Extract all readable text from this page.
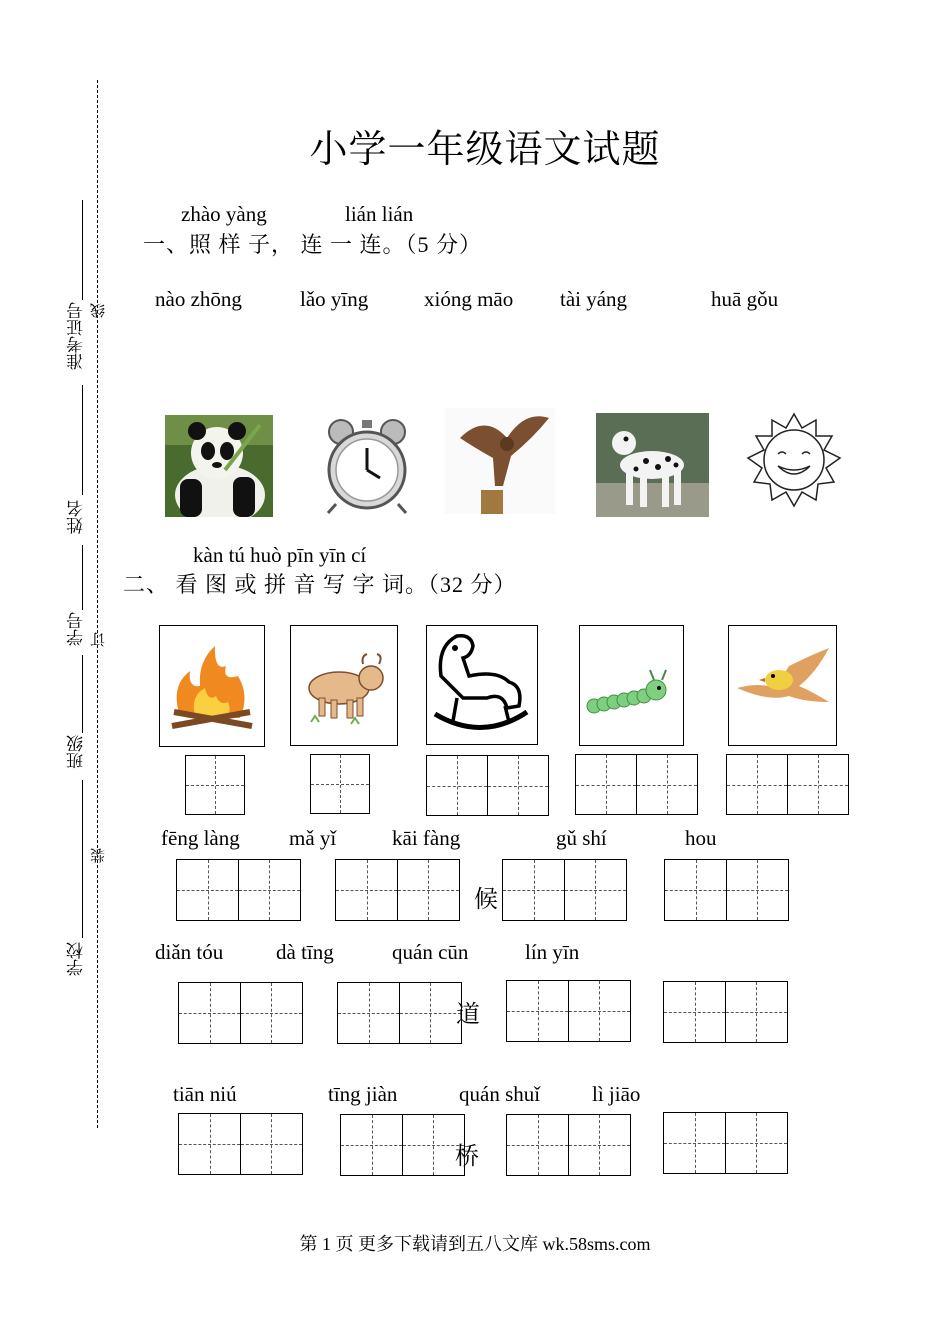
准考证号
姓名
学号
班级
学校
线
订
装
小学一年级语文试题
zhào yàng	lián lián
一、照 样 子， 连 一 连。（5 分）
nào zhōng	lǎo yīng	xióng māo tài yáng	huā gǒu
kàn tú huò pīn yīn cí
二、 看 图 或 拼 音 写 字 词。（32 分）
fēng làng mǎ yǐ	kāi fàng	gǔ shí	hou
候
diǎn tóu	dà tīng	quán cūn	lín yīn
道
tiān niú	tīng jiàn	quán shuǐ lì jiāo
桥
第 1 页 更多下载请到五八文库 wk.58sms.com
